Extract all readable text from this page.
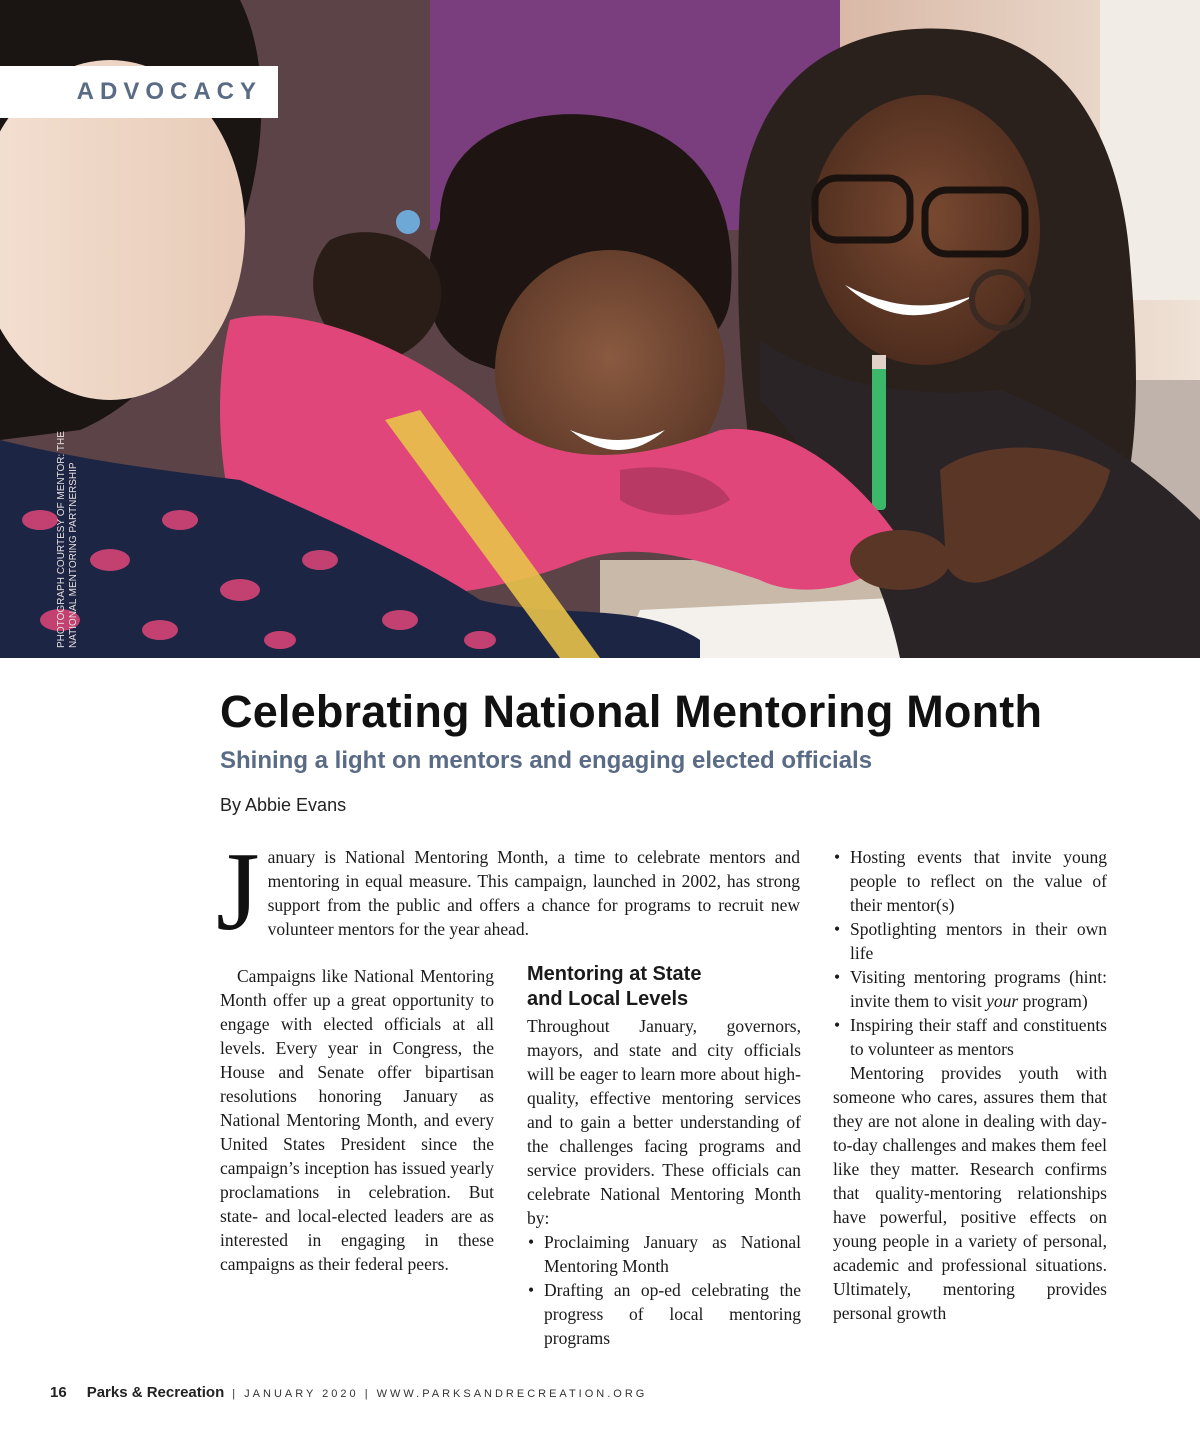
ADVOCACY
PHOTOGRAPH COURTESY OF MENTOR: THE NATIONAL MENTORING PARTNERSHIP
Celebrating National Mentoring Month
Shining a light on mentors and engaging elected officials
By Abbie Evans
J anuary is National Mentoring Month, a time to celebrate mentors and mentoring in equal measure. This campaign, launched in 2002, has strong support from the public and offers a chance for programs to recruit new volunteer mentors for the year ahead.

Campaigns like National Mentoring Month offer up a great opportunity to engage with elected officials at all levels. Every year in Congress, the House and Senate offer bipartisan resolutions honoring January as National Mentoring Month, and every United States President since the campaign’s inception has issued yearly proclamations in celebration. But state- and local-elected leaders are as interested in engaging in these campaigns as their federal peers.

Mentoring at State
and Local Levels

Throughout January, governors, mayors, and state and city officials will be eager to learn more about high-quality, effective mentoring services and to gain a better understanding of the challenges facing programs and service providers. These officials can celebrate National Mentoring Month by:

• Proclaiming January as National Mentoring Month
• Drafting an op-ed celebrating the progress of local mentoring programs
• Hosting events that invite young people to reflect on the value of their mentor(s)
• Spotlighting mentors in their own life
• Visiting mentoring programs (hint: invite them to visit your program)
• Inspiring their staff and constituents to volunteer as mentors

Mentoring provides youth with someone who cares, assures them that they are not alone in dealing with day-to-day challenges and makes them feel like they matter. Research confirms that quality-mentoring relationships have powerful, positive effects on young people in a variety of personal, academic and professional situations. Ultimately, mentoring provides personal growth

16 Parks & Recreation | JANUARY 2020 | WWW.PARKSANDRECREATION.ORG
